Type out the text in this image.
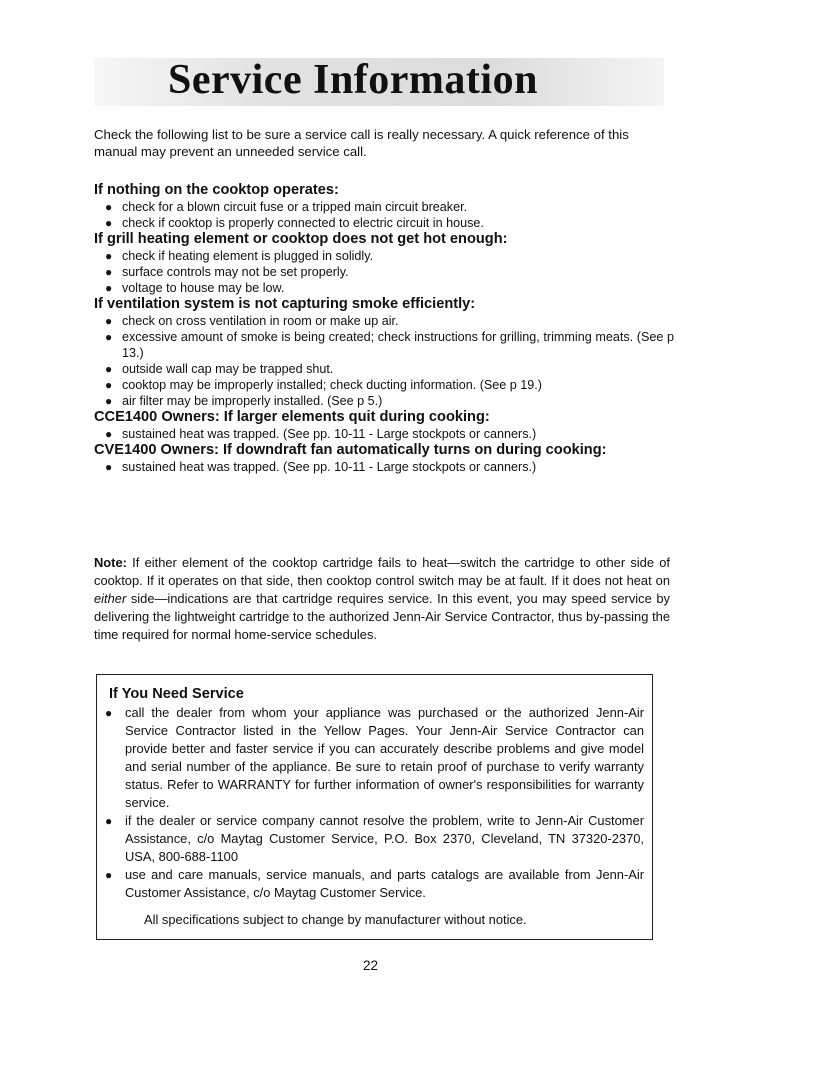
Service Information

Check the following list to be sure a service call is really necessary. A quick reference of this manual may prevent an unneeded service call.

If nothing on the cooktop operates:
● check for a blown circuit fuse or a tripped main circuit breaker.
● check if cooktop is properly connected to electric circuit in house.
If grill heating element or cooktop does not get hot enough:
● check if heating element is plugged in solidly.
● surface controls may not be set properly.
● voltage to house may be low.
If ventilation system is not capturing smoke efficiently:
● check on cross ventilation in room or make up air.
● excessive amount of smoke is being created; check instructions for grilling, trimming meats. (See p 13.)
● outside wall cap may be trapped shut.
● cooktop may be improperly installed; check ducting information. (See p 19.)
● air filter may be improperly installed. (See p 5.)
CCE1400 Owners: If larger elements quit during cooking:
● sustained heat was trapped. (See pp. 10-11 - Large stockpots or canners.)
CVE1400 Owners: If downdraft fan automatically turns on during cooking:
● sustained heat was trapped. (See pp. 10-11 - Large stockpots or canners.)

Note: If either element of the cooktop cartridge fails to heat—switch the cartridge to other side of cooktop. If it operates on that side, then cooktop control switch may be at fault. If it does not heat on either side—indications are that cartridge requires service. In this event, you may speed service by delivering the lightweight cartridge to the authorized Jenn-Air Service Contractor, thus by-passing the time required for normal home-service schedules.

If You Need Service
● call the dealer from whom your appliance was purchased or the authorized Jenn-Air Service Contractor listed in the Yellow Pages. Your Jenn-Air Service Contractor can provide better and faster service if you can accurately describe problems and give model and serial number of the appliance. Be sure to retain proof of purchase to verify warranty status. Refer to WARRANTY for further information of owner's responsibilities for warranty service.
● if the dealer or service company cannot resolve the problem, write to Jenn-Air Customer Assistance, c/o Maytag Customer Service, P.O. Box 2370, Cleveland, TN 37320-2370, USA, 800-688-1100
● use and care manuals, service manuals, and parts catalogs are available from Jenn-Air Customer Assistance, c/o Maytag Customer Service.

All specifications subject to change by manufacturer without notice.

22
